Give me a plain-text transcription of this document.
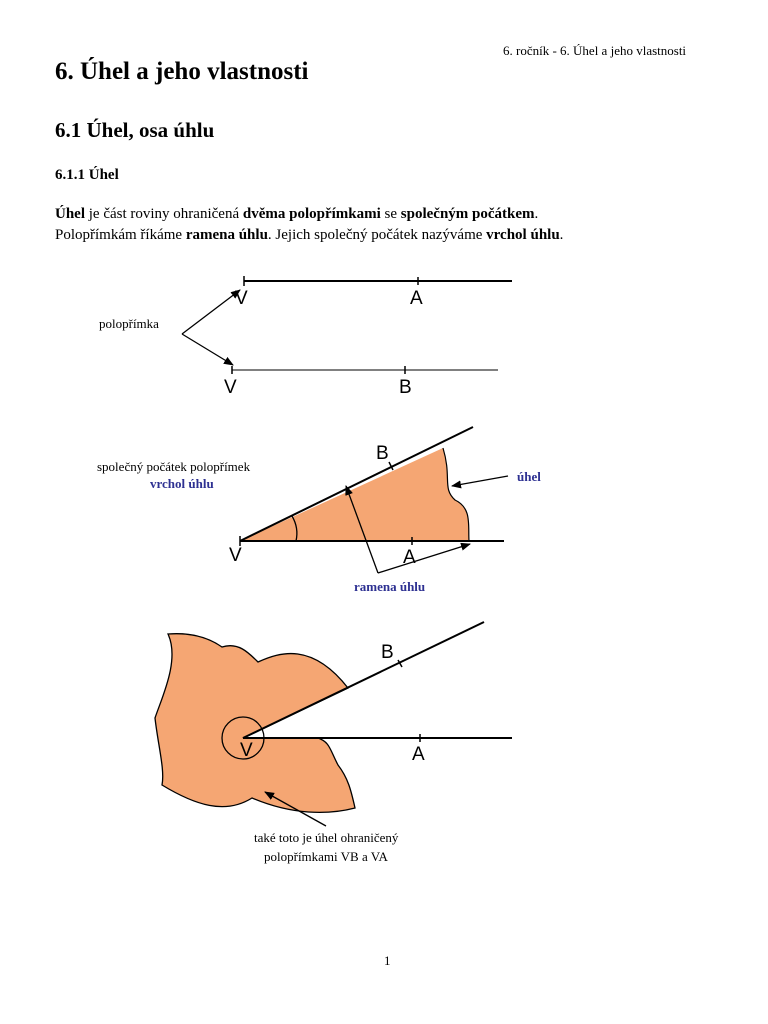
6. ročník - 6. Úhel a jeho vlastnosti
6. Úhel a jeho vlastnosti
6.1 Úhel, osa úhlu
6.1.1 Úhel

Úhel je část roviny ohraničená dvěma polopřímkami se společným počátkem.
Polopřímkám říkáme ramena úhlu. Jejich společný počátek nazýváme vrchol úhlu.

V	A
V	B
polopřímka
V	A
B
společný počátek polopřímek
vrchol úhlu	úhel
ramena úhlu
V	A
B
také toto je úhel ohraničený
polopřímkami VB a VA
1
